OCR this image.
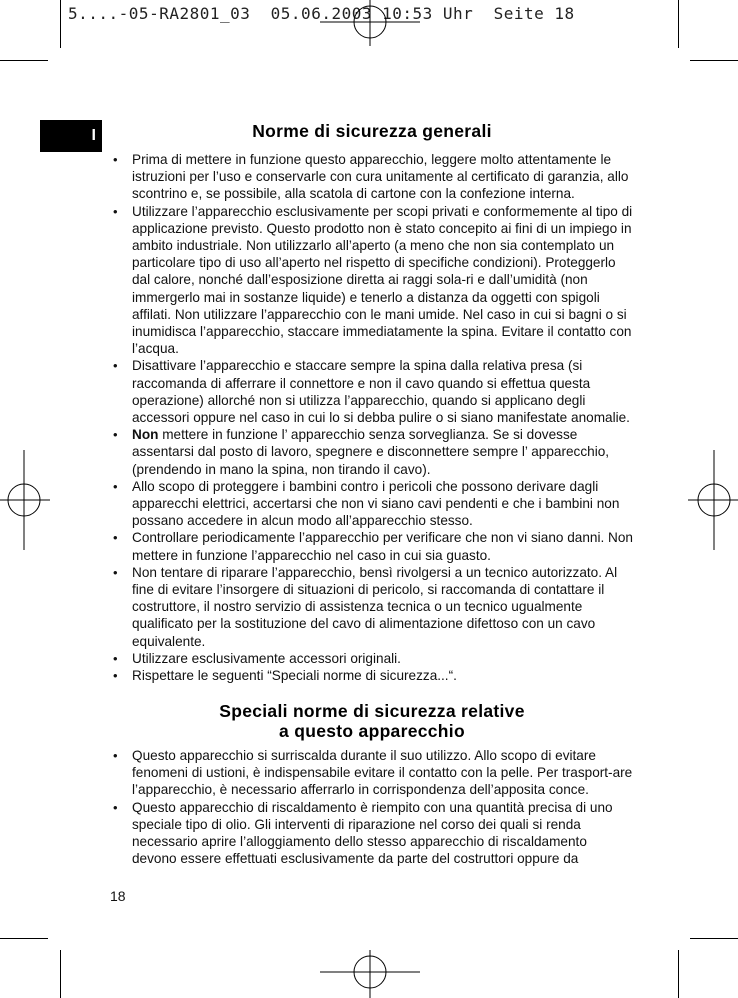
5....-05-RA2801_03  05.06.2003 10:53 Uhr  Seite 18
I	Norme di sicurezza generali
• Prima di mettere in funzione questo apparecchio, leggere molto attentamente le istruzioni per l’uso e conservarle con cura unitamente al certificato di garanzia, allo scontrino e, se possibile, alla scatola di cartone con la confezione interna.
• Utilizzare l’apparecchio esclusivamente per scopi privati e conformemente al tipo di applicazione previsto. Questo prodotto non è stato concepito ai fini di un impiego in ambito industriale. Non utilizzarlo all’aperto (a meno che non sia contemplato un particolare tipo di uso all’aperto nel rispetto di specifiche condizioni). Proteggerlo dal calore, nonché dall’esposizione diretta ai raggi sola-ri e dall’umidità (non immergerlo mai in sostanze liquide) e tenerlo a distanza da oggetti con spigoli affilati. Non utilizzare l’apparecchio con le mani umide. Nel caso in cui si bagni o si inumidisca l’apparecchio, staccare immediatamente la spina. Evitare il contatto con l’acqua.
• Disattivare l’apparecchio e staccare sempre la spina dalla relativa presa (si raccomanda di afferrare il connettore e non il cavo quando si effettua questa operazione) allorché non si utilizza l’apparecchio, quando si applicano degli accessori oppure nel caso in cui lo si debba pulire o si siano manifestate anomalie.
• Non mettere in funzione l’ apparecchio senza sorveglianza. Se si dovesse assentarsi dal posto di lavoro, spegnere e disconnettere sempre l’ apparecchio, (prendendo in mano la spina, non tirando il cavo).
• Allo scopo di proteggere i bambini contro i pericoli che possono derivare dagli apparecchi elettrici, accertarsi che non vi siano cavi pendenti e che i bambini non possano accedere in alcun modo all’apparecchio stesso.
• Controllare periodicamente l’apparecchio per verificare che non vi siano danni. Non mettere in funzione l’apparecchio nel caso in cui sia guasto.
• Non tentare di riparare l’apparecchio, bensì rivolgersi a un tecnico autorizzato. Al fine di evitare l’insorgere di situazioni di pericolo, si raccomanda di contattare il costruttore, il nostro servizio di assistenza tecnica o un tecnico ugualmente qualificato per la sostituzione del cavo di alimentazione difettoso con un cavo equivalente.
• Utilizzare esclusivamente accessori originali.
• Rispettare le seguenti “Speciali norme di sicurezza...“.
Speciali norme di sicurezza relative
a questo apparecchio
• Questo apparecchio si surriscalda durante il suo utilizzo. Allo scopo di evitare fenomeni di ustioni, è indispensabile evitare il contatto con la pelle. Per trasport-are l’apparecchio, è necessario afferrarlo in corrispondenza dell’apposita conce.
• Questo apparecchio di riscaldamento è riempito con una quantità precisa di uno speciale tipo di olio. Gli interventi di riparazione nel corso dei quali si renda necessario aprire l’alloggiamento dello stesso apparecchio di riscaldamento devono essere effettuati esclusivamente da parte del costruttori oppure da
18
